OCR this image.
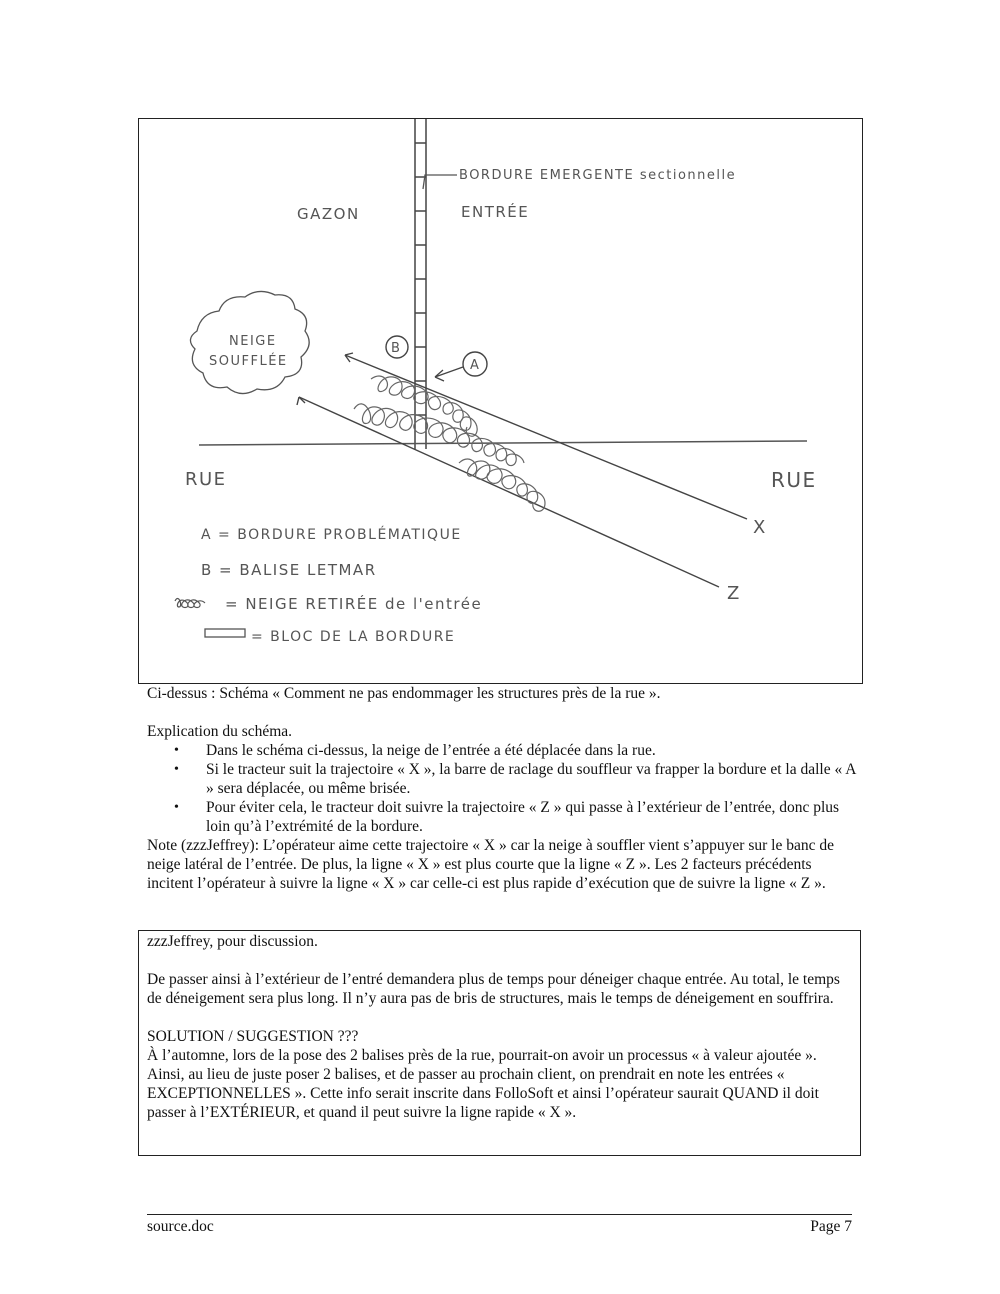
BORDURE EMERGENTE sectionnelle
GAZON	ENTRÉE
NEIGE
SOUFFLÉE
B
A
X
Z
RUE	RUE
A = BORDURE PROBLÉMATIQUE
B = BALISE LETMAR
= NEIGE RETIRÉE de l'entrée
= BLOC DE LA BORDURE
Ci-dessus : Schéma « Comment ne pas endommager les structures près de la rue ».

Explication du schéma.

• Dans le schéma ci-dessus, la neige de l’entrée a été déplacée dans la rue.
• Si le tracteur suit la trajectoire « X », la barre de raclage du souffleur va frapper la bordure et la dalle « A » sera déplacée, ou même brisée.
• Pour éviter cela, le tracteur doit suivre la trajectoire « Z » qui passe à l’extérieur de l’entrée, donc plus loin qu’à l’extrémité de la bordure.

Note (zzzJeffrey): L’opérateur aime cette trajectoire « X » car la neige à souffler vient s’appuyer sur le banc de neige latéral de l’entrée. De plus, la ligne « X » est plus courte que la ligne « Z ». Les 2 facteurs précédents incitent l’opérateur à suivre la ligne « X » car celle-ci est plus rapide d’exécution que de suivre la ligne « Z ».

zzzJeffrey, pour discussion.

De passer ainsi à l’extérieur de l’entré demandera plus de temps pour déneiger chaque entrée. Au total, le temps de déneigement sera plus long. Il n’y aura pas de bris de structures, mais le temps de déneigement en souffrira.

SOLUTION / SUGGESTION ???

À l’automne, lors de la pose des 2 balises près de la rue, pourrait-on avoir un processus « à valeur ajoutée ». Ainsi, au lieu de juste poser 2 balises, et de passer au prochain client, on prendrait en note les entrées « EXCEPTIONNELLES ». Cette info serait inscrite dans FolloSoft et ainsi l’opérateur saurait QUAND il doit passer à l’EXTÉRIEUR, et quand il peut suivre la ligne rapide « X ».

source.doc	Page 7
